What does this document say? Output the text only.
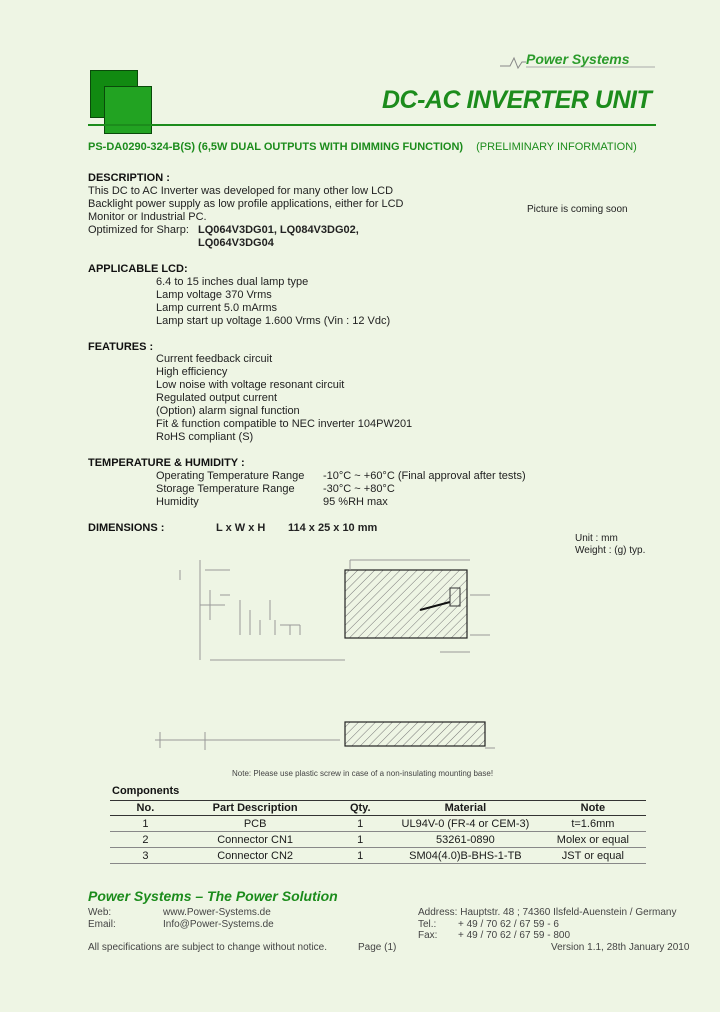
Power Systems
DC-AC INVERTER UNIT
PS-DA0290-324-B(S) (6,5W DUAL OUTPUTS WITH DIMMING FUNCTION) (PRELIMINARY INFORMATION)
DESCRIPTION :
This DC to AC Inverter was developed for many other low LCD
Backlight power supply as low profile applications, either for LCD
Monitor or Industrial PC.
Optimized for Sharp: LQ064V3DG01, LQ084V3DG02,
LQ064V3DG04
Picture is coming soon
APPLICABLE LCD:
6.4 to 15 inches dual lamp type
Lamp voltage 370 Vrms
Lamp current 5.0 mArms
Lamp start up voltage 1.600 Vrms (Vin : 12 Vdc)
FEATURES :
Current feedback circuit
High efficiency
Low noise with voltage resonant circuit
Regulated output current
(Option) alarm signal function
Fit & function compatible to NEC inverter 104PW201
RoHS compliant (S)
TEMPERATURE & HUMIDITY :
Operating Temperature Range -10°C ~ +60°C (Final approval after tests)
Storage Temperature Range	-30°C ~ +80°C
Humidity	95 %RH max
DIMENSIONS :	L x W x H 114 x 25 x 10 mm
Unit : mm
Weight : (g) typ.
Note: Please use plastic screw in case of a non-insulating mounting base!
Components
No.	Part Description	Qty.	Material	Note
1	PCB	1	UL94V-0 (FR-4 or CEM-3)	t=1.6mm
2	Connector CN1	1	53261-0890	Molex or equal
3	Connector CN2	1	SM04(4.0)B-BHS-1-TB	JST or equal
Power Systems – The Power Solution
Web:	www.Power-Systems.de
Email:	Info@Power-Systems.de
Address: Hauptstr. 48 ; 74360 Ilsfeld-Auenstein / Germany
Tel.: + 49 / 70 62 / 67 59 - 6
Fax: + 49 / 70 62 / 67 59 - 800
All specifications are subject to change without notice.	Page (1)	Version 1.1, 28th January 2010
